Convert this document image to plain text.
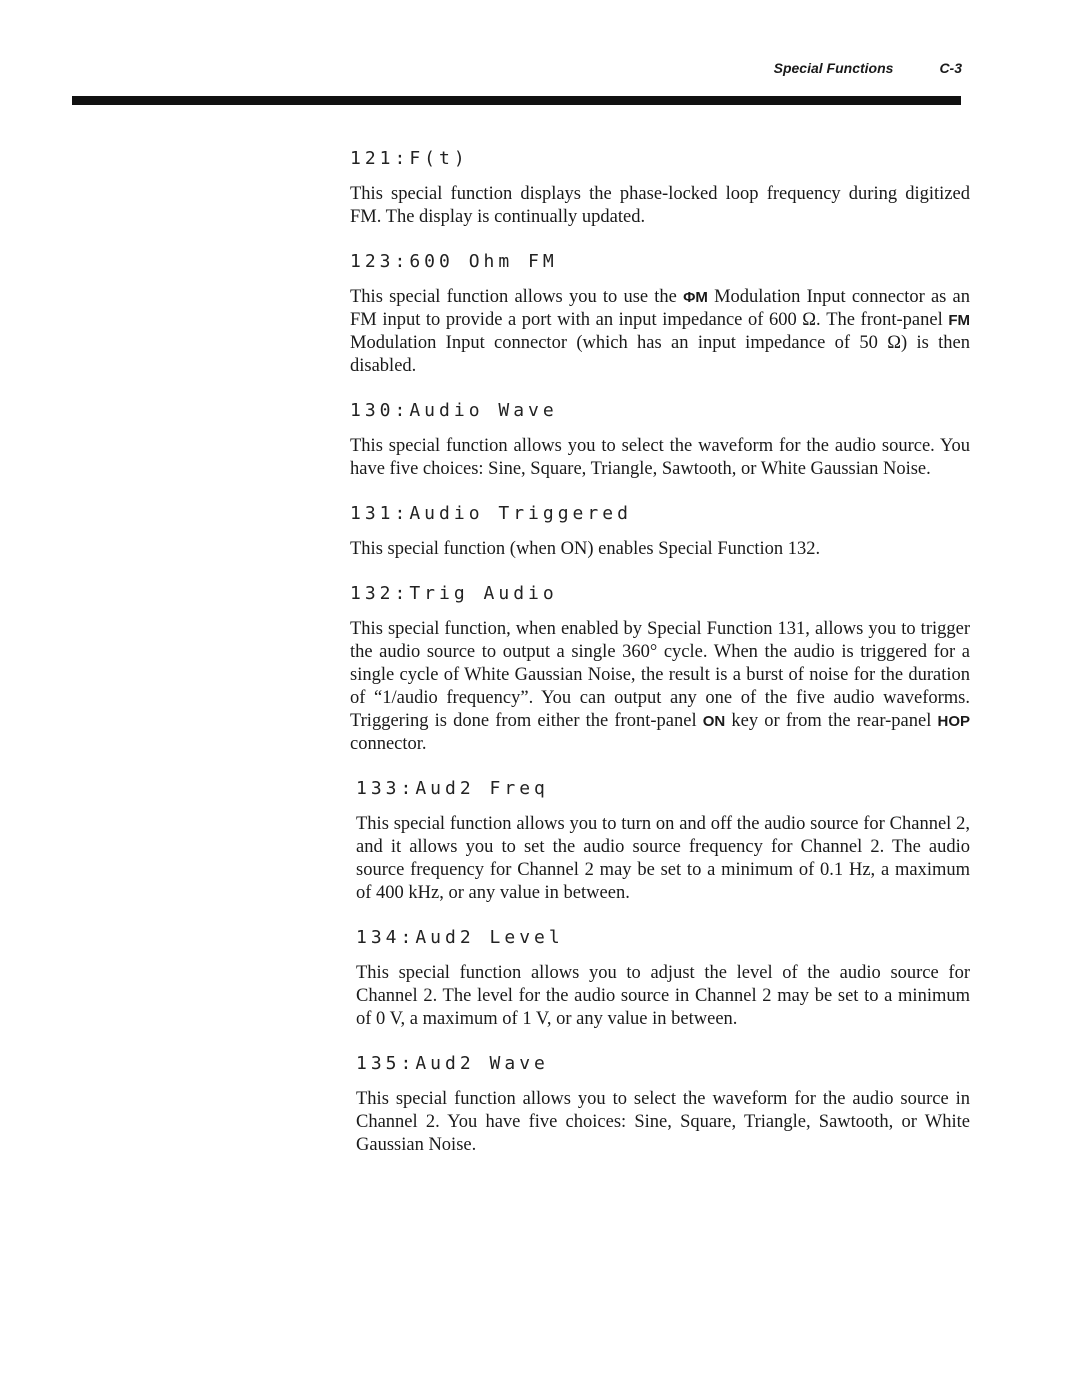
Special Functions	C-3
121:F(t)

This special function displays the phase-locked loop frequency during digitized FM. The display is continually updated.

123:600 Ohm FM

This special function allows you to use the ΦM Modulation Input connector as an FM input to provide a port with an input impedance of 600 Ω. The front-panel FM Modulation Input connector (which has an input impedance of 50 Ω) is then disabled.

130:Audio Wave

This special function allows you to select the waveform for the audio source. You have five choices: Sine, Square, Triangle, Sawtooth, or White Gaussian Noise.

131:Audio Triggered

This special function (when ON) enables Special Function 132.

132:Trig Audio

This special function, when enabled by Special Function 131, allows you to trigger the audio source to output a single 360° cycle. When the audio is triggered for a single cycle of White Gaussian Noise, the result is a burst of noise for the duration of “1/audio frequency”. You can output any one of the five audio waveforms. Triggering is done from either the front-panel ON key or from the rear-panel HOP connector.

133:Aud2 Freq

This special function allows you to turn on and off the audio source for Channel 2, and it allows you to set the audio source frequency for Channel 2. The audio source frequency for Channel 2 may be set to a minimum of 0.1 Hz, a maximum of 400 kHz, or any value in between.

134:Aud2 Level

This special function allows you to adjust the level of the audio source for Channel 2. The level for the audio source in Channel 2 may be set to a minimum of 0 V, a maximum of 1 V, or any value in between.

135:Aud2 Wave

This special function allows you to select the waveform for the audio source in Channel 2. You have five choices: Sine, Square, Triangle, Sawtooth, or White Gaussian Noise.
